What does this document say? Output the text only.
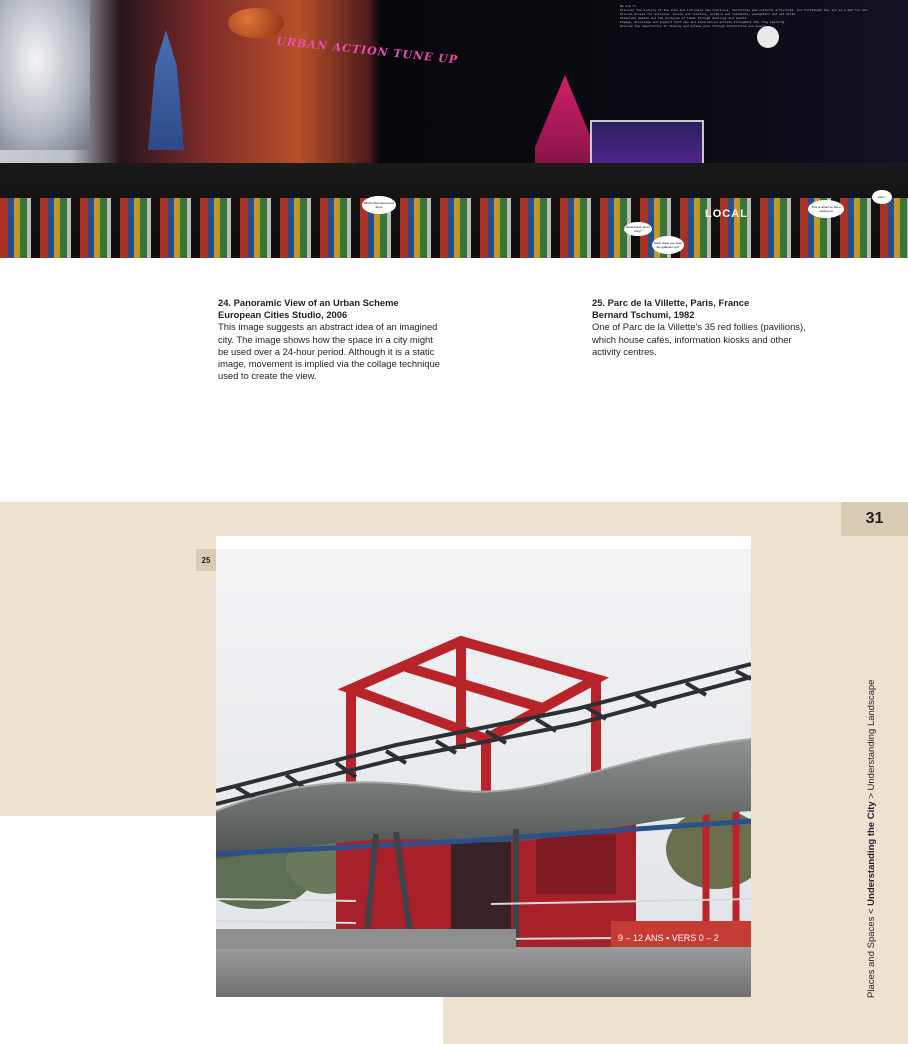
URBAN ACTION TUNE UP
We aim to
Discover the history of the area and introduce new functions, facilities and cultural activities. Our Fortsmouth may act as a hub for all
Provide access for everyone: locals and visitors, workers and residents, youngsters and old alike
Stimulate debate and the exchange of ideas through meetings and events
Engage, encourage and support both new and experienced artists throughout the 'big learning'
Provide the opportunity to display and extend work through exhibitions and events
LOCAL
What's that sound over there
Great band, aren't they?
Yeah. Have you seen the galleries yet?
Cool :)
This is what I've been waiting on
24. Panoramic View of an Urban Scheme
European Cities Studio, 2006
This image suggests an abstract idea of an imagined city. The image shows how the space in a city might be used over a 24-hour period. Although it is a static image, movement is implied via the collage technique used to create the view.
25. Parc de la Villette, Paris, France
Bernard Tschumi, 1982
One of Parc de la Villette's 35 red follies (pavilions), which house cafés, information kiosks and other activity centres.
31
25
9 – 12 ANS ▪ VERS 0 – 2	Places and Spaces < Understanding the City > Understanding Landscape
